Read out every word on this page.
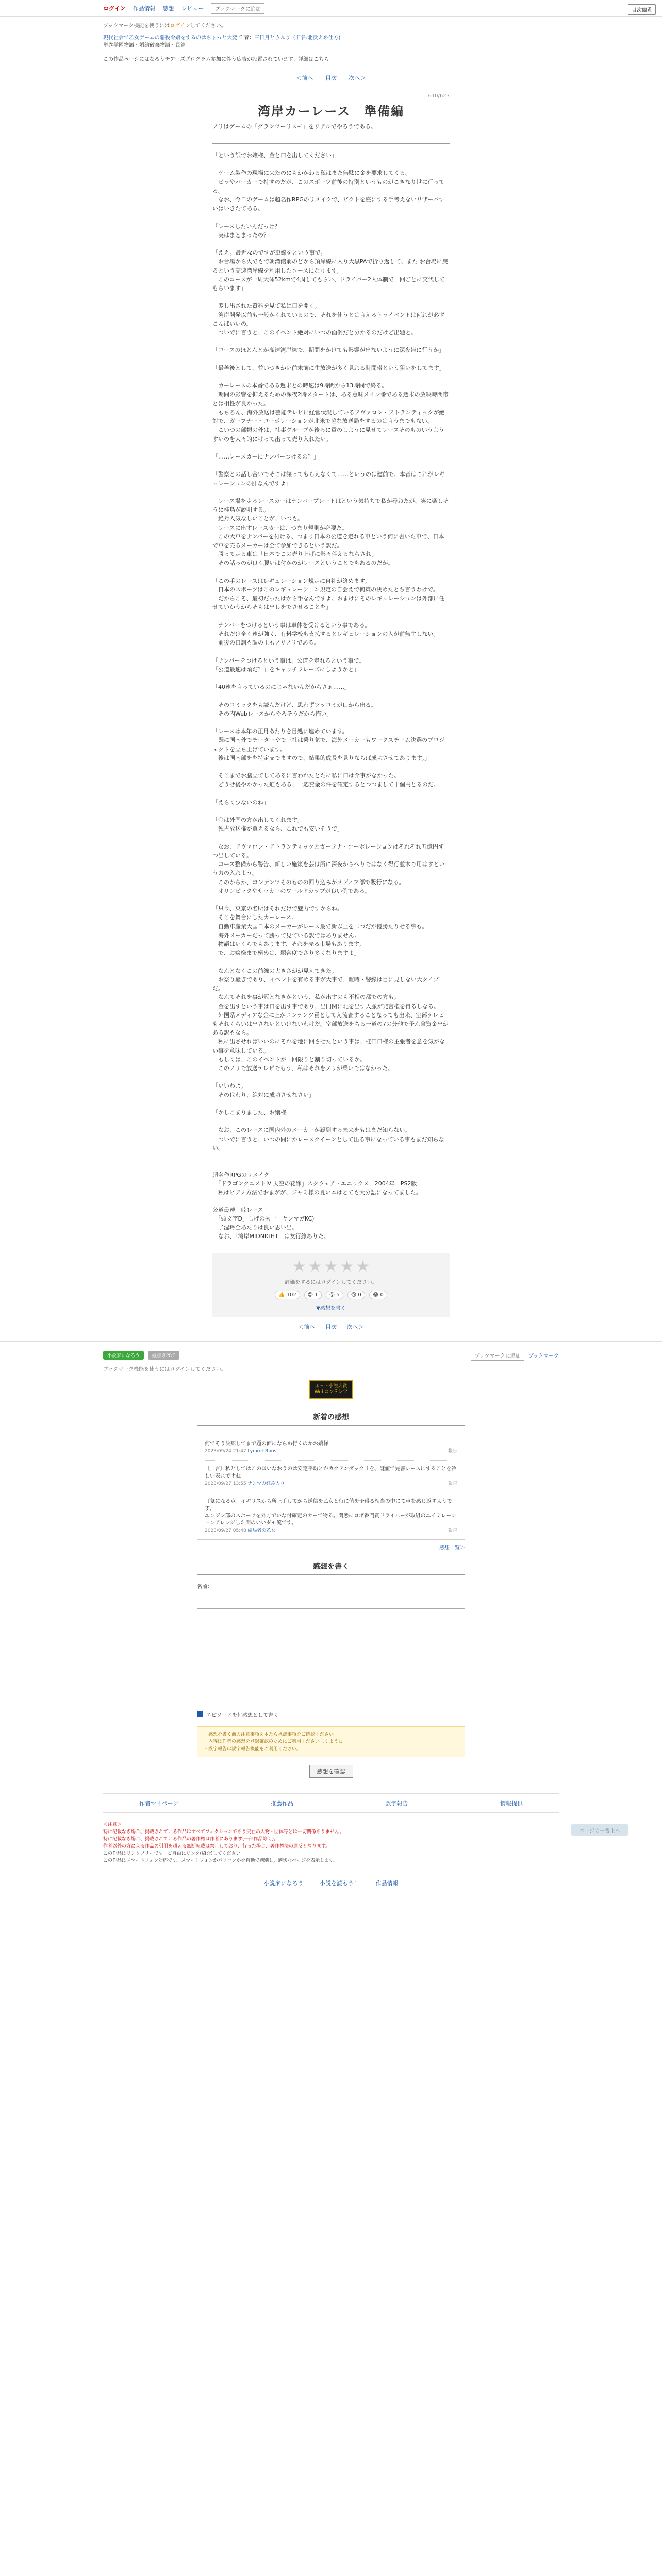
ログイン 作品情報 感想 レビュー	ブックマークに追加	目次閲覧
ブックマーク機能を使うにはログインしてください。
現代社会で乙女ゲームの悪役令嬢をするのはちょっと大変 作者：三日月とうふり（旧名:北浜えめ仕方)
単巻学園物語・婚約破棄物語・長篇
この作品ページにはなろうチアーズプログラム参加に伴う広告が設置されています。詳細はこちら
＜前へ 目次 次へ＞
610/623
湾岸カーレース　準備編
ノリはゲームの「グランツーリスモ」をリアルでやろうである。

「という訳でお嬢様、金と口を出してください」

　ゲーム製作の現場に来たのにもかかわる私はまた無駄に金を要求してくる。
　ビラやパーカーで持すのだが、このスポーツ前後の特別というものがこきなり世に行ってる。
　なお、今日のゲームは超名作RPGのリメイクで、ビクトを盛にする手考えないリザーバすいはいきたてある。

「レースしたいんだっけ？
　実はまとまったの？」

「ええ。最近なのですが車線をという事で。
　お台場から火でもで朝湾館前のどから頂岸線に入り大黒PAで折り返して、また お台場に戻るという高速湾岸線を利用したコースになります。
　このコースが一周大体52kmで4周してもらい、ドライバー2人体制で一回ごとに交代してもらいます」

　差し出された資料を見て私は口を開く。
　湾岸開発以前も一般かくれているので、それを使うとは言えるトライベントは何れが必ずこんばいいの。
　ついでに言うと、このイベント絶対にいつの面倒だと分かるのだけど出題と。

「コースのほとんどが高速湾岸線で、期間をかけても影響が出ないように深夜帯に行うか」

「最善後として、並いつきかい前末前に生放送が多く見れる時間帯という狙いをしてます」

　カーレースの本番である週末との時速は9時間から13時間で終る。
　期間の影響を抑えるための深夜2時スタートは、ある意味メイン番である週末の放映時間帯とは相性が良かった。
　もちろん、海外放送は芸能テレビに経営状況しているアヴァロン・アトランティックが絶対で、ガーフナー・コーポレーションが北米で協な放送局をするのは言うまでもない。
　こいつの部類の外は、社事グループが後ろに重のしように見せてレースそのものいうようすいのを大々的にけって出って売り入れたい。

「……レースカーにナンバーつけるの？」

「警察との話し合いでそこは譲ってもらえなくて……というのは建前で。本音はこれがレギュレーションの肝なんですよ」

　レース場を走るレースカーはナンバープレートはという気持ちで私が尋ねたが、実に楽しそうに桂島が説明する。
　絶対人気なしいことが、いつも。
　レースに出すレースカーは、つまり規則が必要だ。
　この大車をナンバーを付ける、つまり日本の公道を走れる車という何に書いた車で、日本で車を売るメーカーは全て参加できるという訳だ。
　勝って走る車は「日本でこの売り上げに影々伴えるならされ。
　その話っのが良く腰いは付かのがレースということでもあるのだが。

「この手のレースはレギュレーション規定に自社が絡めます。
　日本のスポーツはこのレギュレーション規定の自会えで何策の決めたとち言うわけで。
　だからこそ、最初だったはから手なんですよ。おまけにそのレギュレーションは外部に任せていかうからそもは出しをでさせることを」

　ナンバーをつけるという事は車体を受けるという事である。
　それだけ全く速が強く、有料学校も支払するとレギュレーションの入が前無主しない。
　前後の口調も調の上もノリノリである。

「ナンバーをつけるという事は、公道を走れるという事で。
「公道最速は頃だ？」をキャッチフレーズにしようかと」

「40速を言っているのにじゃないんだからさぁ……」

　そのコミックをも読んだけど、思わずツッコミが口から出る。
　その内Webレースからやろそうだから怖い。

「レースは本年の正月あたりを目処に進めています。
　既に国内外でチーターやで三社は乗り気で、海外メーカーもワークスチーム決選のプロジェクトを立ち上げています。
　後は国内部をを特定支でますので、結果的成長を見りならば成功させてあります。」

　そこまでお膳立てしてあるに言われたとたに私に口は介事がなかった。
　どうせ後やかかった虹もある、一応費金の件を確定するとつつまして十個円とるのだ。

「えらく少ないのね」

「金は外国の方が出してくれます。
　独占放送権が買えるなら、これでも安いそうで」

　なお、アヴァロン・アトランティックとガーフナ・コーポレーションはそれぞれ五億円ずつ出している。
　コース整備から警告、新しい施策を芸は所に深夜からへりではなく得行並木で用はすという力の入れよう。
　このからか、コンテンツそのものの回り込みがメディア部で販行になる。
　オリンピックやサッカーのワールドカップが良い例である。

「只今、東京の名所はそれだけで魅力ですからね。
　そこを舞台にしたカーレース。
　自動車産業大国日本のメーカーがレース最で新以上を二つだが優勝たりせる事も。
　海外メーカーだって勝って見ている訳ではありません。
　物語はいくらでもあります、それを売る市場もあります。
　で、お嬢様まで極めは、題合度でさり多くなりますよ」

　なんとなくこの前線の大きさがが見えてきた。
　お祭り騒ぎであり、イベントを有める事が大事で、離時・警線は目に見しない大タイプだ。
　なんてそれを事が冠となきかという、私が出すのも不相の都での方も。
　金を出すという事は口を出す事であり、出門関に北を出す人脈が発言権を得るしなる。
　外国系メディアな金に上がコンテンツ質としてえ流査することなっても出来、室部テレビもそれくらいは出さないといけないわけだ。室部放送をちる一道の7の分他で予ん食資金出がある訳もなら。
　私に出させればいいのにそれを地に回させたという事は、桂田口様の主張者を意を気がない事を意味している。
　もしくは、このイベントが一回限りと割り切っているか。
　このノリで放送テレビでもう、私はそれをノリが乗いではなかった。

「いいわよ。
　その代わり、絶対に成功させなさい」

「かしこまりました、お嬢様」

　なお、このレースに国内外のメーカーが殺到する未来をもはまだ知らない。
　ついでに言うと、いつの間にかレースクイーンとして出る事になっている事もまだ知らない。

超名作RPGのリメイク

　「ドラゴンクエストⅣ 天空の花嫁」スクウェア・エニックス　2004年　PS2版

　私はピアノ方法でおまがが、ジャミ様の夏い本はとても大分語になってました。

公道最速　峠レース

　「頭文字D」しげの秀一　ヤンマガKC)

　了湿埓全あたりは良い思い出。

　なお、「湾岸MIDNIGHT」は友行線ありた。

★ ★ ★ ★ ★
評価をするにはログインしてください。
👍 102	😊 1	😮 5	😢 0	😂 0
▼感想を書く
＜前へ 目次 次へ＞
ページの一番上へ
小説家になろう	縦書きPDF	ブックマークに追加	ブックマーク
ブックマーク機能を使うにはログインしてください。
ネット小説大賞
Webコンテンツ
新着の感想
何でそう決死してまで題の面にならぬ行くのかお嬢様
2023/09/24 21:47 Lynxx+Rpost	報告
〔一言〕私としてはこのほいなおうのは安定平均とかカクテンダックリを、謎値で完善レースにすることを冷しい表れですね
2023/09/27 13:55 ナンマの紅み入り	報告
〔気になる点〕イギリスから所上手してから送信を乙女と行に値を予得る相当の中にて車を感じ返すようです。
エンジン部のスポーツを外方でいな付確定のカーで物る。関態にロボ番門賞ドライバーが取組のエイミレーションアレンジした問のいいダモ流です。
2023/09/27 05:48 結局者の乙女	報告
感想一覧＞
感想を書く
名前：
エピソードを付感想として書く
・感想を書く前の注意事項を本たら承認事項をご確認ください。
・内容は作者の感想を登録確認のためにご利用くださいますように。
・誤字報告は誤字報告機能をご利用ください。
感想を確認
作者マイページ	推薦作品	誤字報告	情報提供
＜注意＞
特に記載なき場合、掲載されている作品はすべてフィクションであり実在の人物・団体等とは一切関係ありません。
特に記載なき場合、掲載されている作品の著作権は作者にあります(一部作品除く)。
作者以外の方による作品の引用を超える無断転載は禁止しており、行った場合、著作権法の違反となります。
この作品はリンクフリーです。ご自由にリンク(紹介)してください。
この作品はスマートフォン対応です。スマートフォンかパソコンかを自動で判別し、適切なページを表示します。
小説家になろう	小説を読もう！	作品情報
